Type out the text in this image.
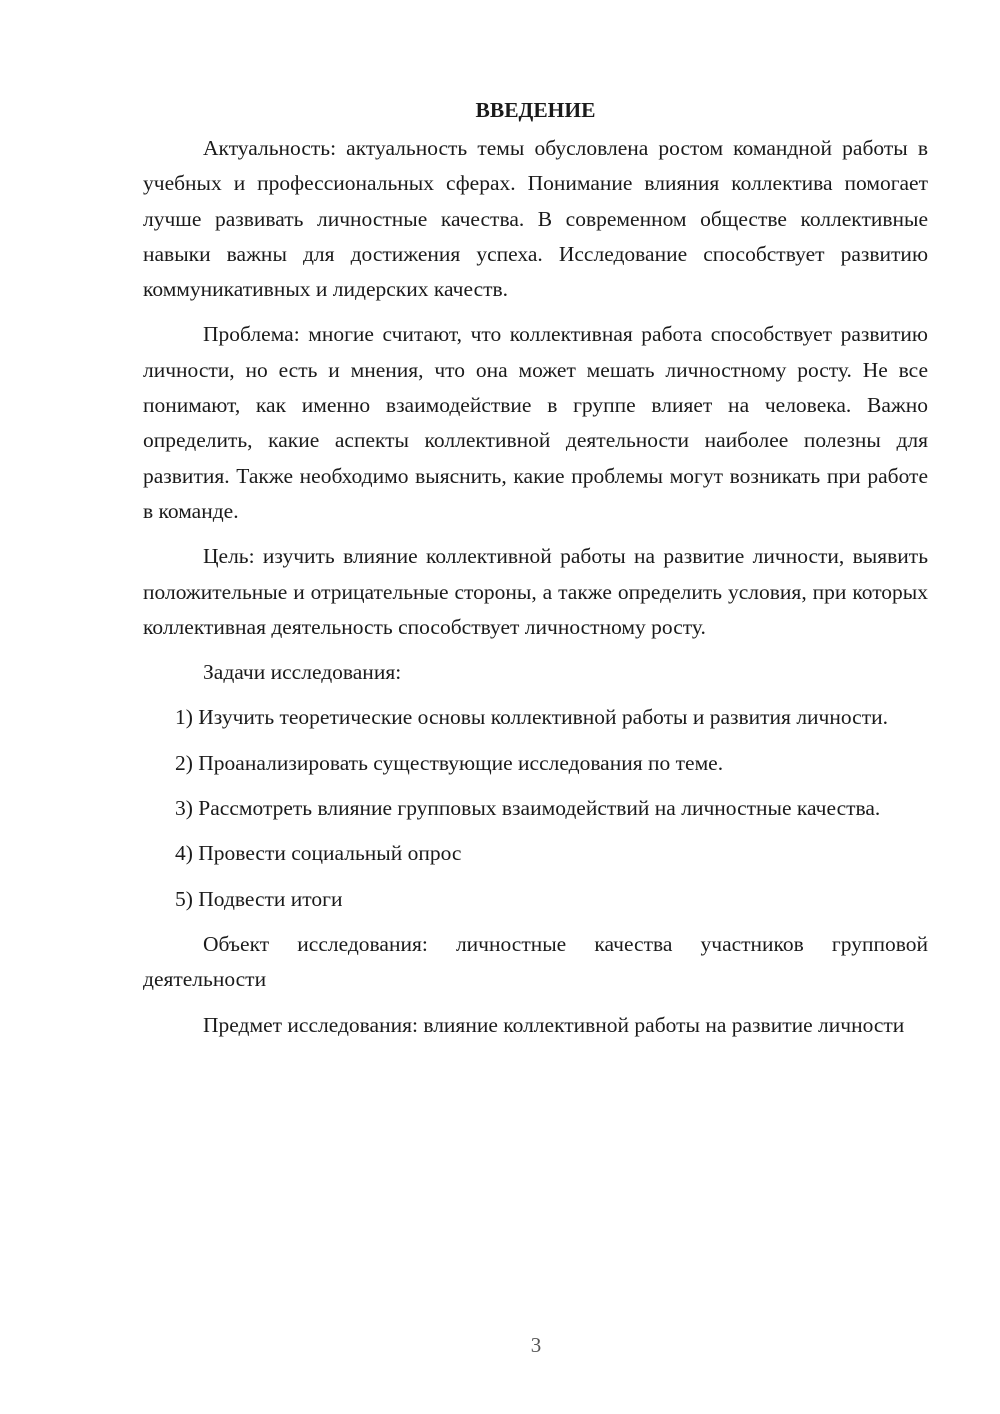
ВВЕДЕНИЕ

Актуальность: актуальность темы обусловлена ростом командной работы в учебных и профессиональных сферах. Понимание влияния коллектива помогает лучше развивать личностные качества. В современном обществе коллективные навыки важны для достижения успеха. Исследование способствует развитию коммуникативных и лидерских качеств.

Проблема: многие считают, что коллективная работа способствует развитию личности, но есть и мнения, что она может мешать личностному росту. Не все понимают, как именно взаимодействие в группе влияет на человека. Важно определить, какие аспекты коллективной деятельности наиболее полезны для развития. Также необходимо выяснить, какие проблемы могут возникать при работе в команде.

Цель: изучить влияние коллективной работы на развитие личности, выявить положительные и отрицательные стороны, а также определить условия, при которых коллективная деятельность способствует личностному росту.

Задачи исследования:

1) Изучить теоретические основы коллективной работы и развития личности.

2) Проанализировать существующие исследования по теме.

3) Рассмотреть влияние групповых взаимодействий на личностные качества.

4) Провести социальный опрос

5) Подвести итоги

Объект исследования: личностные качества участников групповой деятельности

Предмет исследования: влияние коллективной работы на развитие личности

3
